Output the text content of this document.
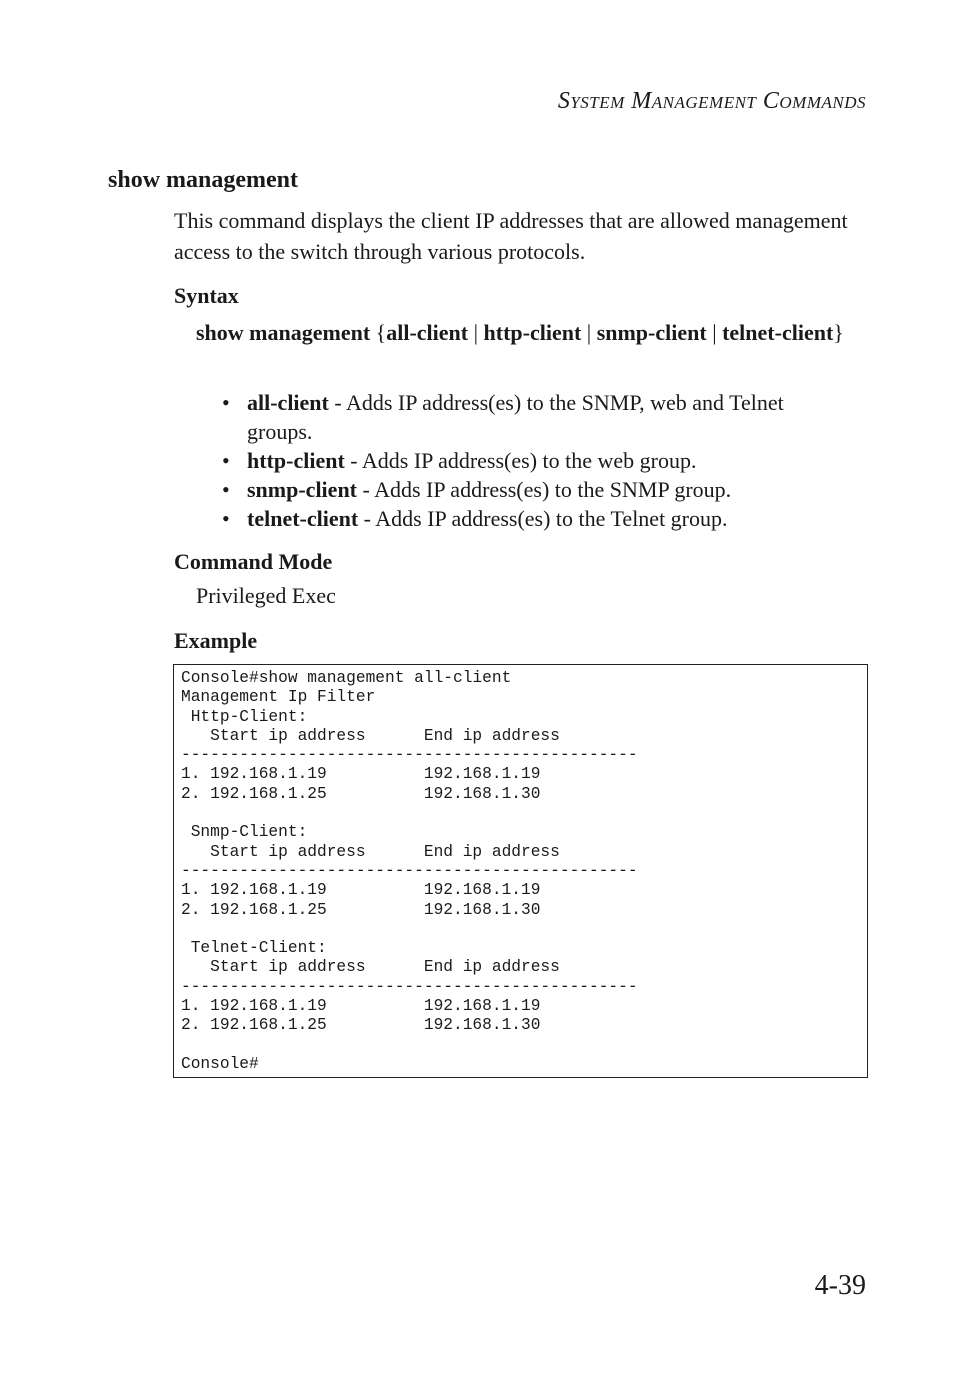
System Management Commands
show management

This command displays the client IP addresses that are allowed management access to the switch through various protocols.

Syntax

show management {all-client | http-client | snmp-client | telnet-client}

• all-client - Adds IP address(es) to the SNMP, web and Telnet groups.
• http-client - Adds IP address(es) to the web group.
• snmp-client - Adds IP address(es) to the SNMP group.
• telnet-client - Adds IP address(es) to the Telnet group.
Command Mode

Privileged Exec

Example
Console#show management all-client
Management Ip Filter
Http-Client:
Start ip address      End ip address
-----------------------------------------------
1. 192.168.1.19          192.168.1.19
2. 192.168.1.25          192.168.1.30

Snmp-Client:
Start ip address      End ip address
-----------------------------------------------
1. 192.168.1.19          192.168.1.19
2. 192.168.1.25          192.168.1.30

Telnet-Client:
Start ip address      End ip address
-----------------------------------------------
1. 192.168.1.19          192.168.1.19
2. 192.168.1.25          192.168.1.30

Console#

4-39
